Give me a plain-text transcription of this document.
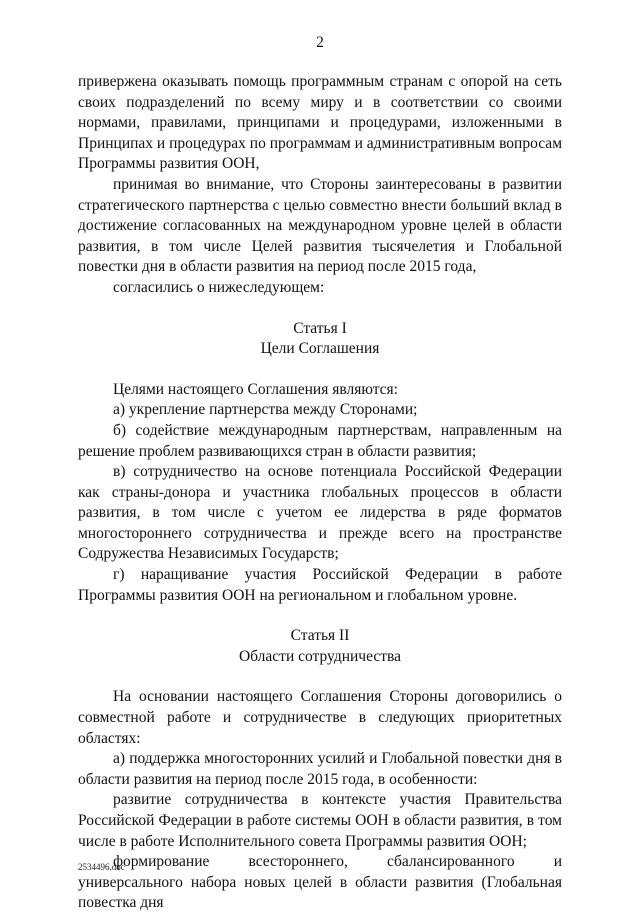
2

привержена оказывать помощь программным странам с опорой на сеть своих подразделений по всему миру и в соответствии со своими нормами, правилами, принципами и процедурами, изложенными в Принципах и процедурах по программам и административным вопросам Программы развития ООН,

принимая во внимание, что Стороны заинтересованы в развитии стратегического партнерства с целью совместно внести больший вклад в достижение согласованных на международном уровне целей в области развития, в том числе Целей развития тысячелетия и Глобальной повестки дня в области развития на период после 2015 года,

согласились о нижеследующем:

Статья I

Цели Соглашения

Целями настоящего Соглашения являются:

а) укрепление партнерства между Сторонами;

б) содействие международным партнерствам, направленным на решение проблем развивающихся стран в области развития;

в) сотрудничество на основе потенциала Российской Федерации как страны-донора и участника глобальных процессов в области развития, в том числе с учетом ее лидерства в ряде форматов многостороннего сотрудничества и прежде всего на пространстве Содружества Независимых Государств;

г) наращивание участия Российской Федерации в работе Программы развития ООН на региональном и глобальном уровне.

Статья II

Области сотрудничества

На основании настоящего Соглашения Стороны договорились о совместной работе и сотрудничестве в следующих приоритетных областях:

а) поддержка многосторонних усилий и Глобальной повестки дня в области развития на период после 2015 года, в особенности:

развитие сотрудничества в контексте участия Правительства Российской Федерации в работе системы ООН в области развития, в том числе в работе Исполнительного совета Программы развития ООН;

формирование всестороннего, сбалансированного и универсального набора новых целей в области развития (Глобальная повестка дня

2534496.doc
